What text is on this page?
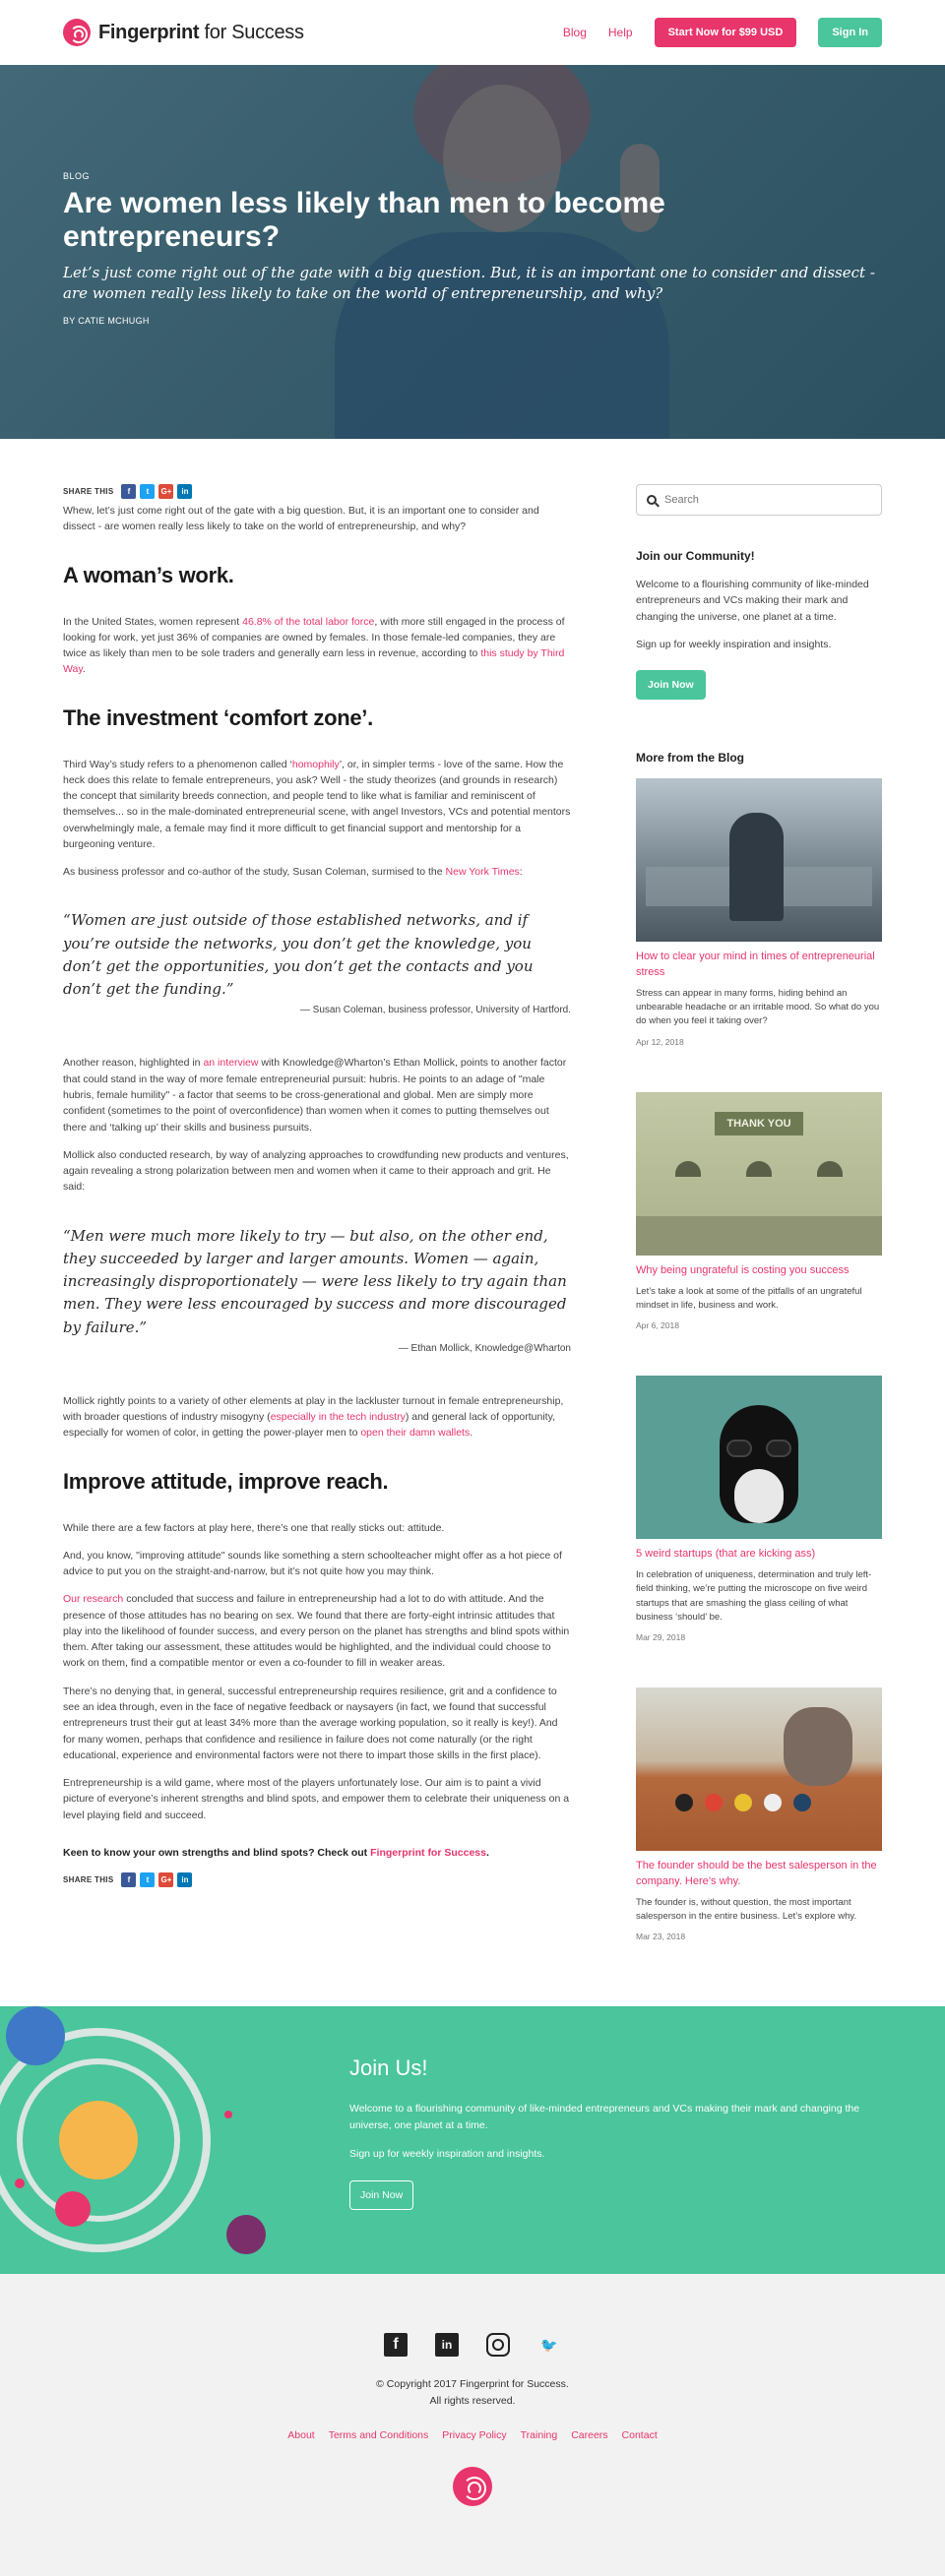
Fingerprint for Success	Blog Help	Start Now for $99 USD	Sign In
BLOG
Are women less likely than men to become entrepreneurs?
Let’s just come right out of the gate with a big question. But, it is an important one to consider and dissect - are women really less likely to take on the world of entrepreneurship, and why?
BY CATIE MCHUGH
SHARE THIS	f	t	G+	in

Whew, let’s just come right out of the gate with a big question. But, it is an important one to consider and dissect - are women really less likely to take on the world of entrepreneurship, and why?

A woman’s work.

In the United States, women represent 46.8% of the total labor force, with more still engaged in the process of looking for work, yet just 36% of companies are owned by females. In those female-led companies, they are twice as likely than men to be sole traders and generally earn less in revenue, according to this study by Third Way.

The investment ‘comfort zone’.

Third Way’s study refers to a phenomenon called ‘homophily’, or, in simpler terms - love of the same. How the heck does this relate to female entrepreneurs, you ask? Well - the study theorizes (and grounds in research) the concept that similarity breeds connection, and people tend to like what is familiar and reminiscent of themselves... so in the male-dominated entrepreneurial scene, with angel Investors, VCs and potential mentors overwhelmingly male, a female may find it more difficult to get financial support and mentorship for a burgeoning venture.

As business professor and co-author of the study, Susan Coleman, surmised to the New York Times:

“Women are just outside of those established networks, and if you’re outside the networks, you don’t get the knowledge, you don’t get the opportunities, you don’t get the contacts and you don’t get the funding.”
— Susan Coleman, business professor, University of Hartford.

Another reason, highlighted in an interview with Knowledge@Wharton’s Ethan Mollick, points to another factor that could stand in the way of more female entrepreneurial pursuit: hubris. He points to an adage of "male hubris, female humility" - a factor that seems to be cross-generational and global. Men are simply more confident (sometimes to the point of overconfidence) than women when it comes to putting themselves out there and ‘talking up’ their skills and business pursuits.

Mollick also conducted research, by way of analyzing approaches to crowdfunding new products and ventures, again revealing a strong polarization between men and women when it came to their approach and grit. He said:

“Men were much more likely to try — but also, on the other end, they succeeded by larger and larger amounts. Women — again, increasingly disproportionately — were less likely to try again than men. They were less encouraged by success and more discouraged by failure.”
— Ethan Mollick, Knowledge@Wharton

Mollick rightly points to a variety of other elements at play in the lackluster turnout in female entrepreneurship, with broader questions of industry misogyny (especially in the tech industry) and general lack of opportunity, especially for women of color, in getting the power-player men to open their damn wallets.

Improve attitude, improve reach.

While there are a few factors at play here, there’s one that really sticks out: attitude.

And, you know, "improving attitude" sounds like something a stern schoolteacher might offer as a hot piece of advice to put you on the straight-and-narrow, but it’s not quite how you may think.

Our research concluded that success and failure in entrepreneurship had a lot to do with attitude. And the presence of those attitudes has no bearing on sex. We found that there are forty-eight intrinsic attitudes that play into the likelihood of founder success, and every person on the planet has strengths and blind spots within them. After taking our assessment, these attitudes would be highlighted, and the individual could choose to work on them, find a compatible mentor or even a co-founder to fill in weaker areas.

There’s no denying that, in general, successful entrepreneurship requires resilience, grit and a confidence to see an idea through, even in the face of negative feedback or naysayers (in fact, we found that successful entrepreneurs trust their gut at least 34% more than the average working population, so it really is key!). And for many women, perhaps that confidence and resilience in failure does not come naturally (or the right educational, experience and environmental factors were not there to impart those skills in the first place).

Entrepreneurship is a wild game, where most of the players unfortunately lose. Our aim is to paint a vivid picture of everyone’s inherent strengths and blind spots, and empower them to celebrate their uniqueness on a level playing field and succeed.

Keen to know your own strengths and blind spots? Check out Fingerprint for Success.

SHARE THIS	f	t	G+	in
Search
Join our Community!
Welcome to a flourishing community of like-minded entrepreneurs and VCs making their mark and changing the universe, one planet at a time.
Sign up for weekly inspiration and insights.
Join Now
More from the Blog
How to clear your mind in times of entrepreneurial stress
Stress can appear in many forms, hiding behind an unbearable headache or an irritable mood. So what do you do when you feel it taking over?
Apr 12, 2018
THANK YOU
Why being ungrateful is costing you success
Let’s take a look at some of the pitfalls of an ungrateful mindset in life, business and work.
Apr 6, 2018
5 weird startups (that are kicking ass)
In celebration of uniqueness, determination and truly left-field thinking, we’re putting the microscope on five weird startups that are smashing the glass ceiling of what business ‘should’ be.
Mar 29, 2018
The founder should be the best salesperson in the company. Here’s why.
The founder is, without question, the most important salesperson in the entire business. Let’s explore why.
Mar 23, 2018
Join Us!
Welcome to a flourishing community of like-minded entrepreneurs and VCs making their mark and changing the universe, one planet at a time.
Sign up for weekly inspiration and insights.
Join Now
f	in	🐦
© Copyright 2017 Fingerprint for Success.
All rights reserved.
About Terms and Conditions Privacy Policy Training Careers Contact
